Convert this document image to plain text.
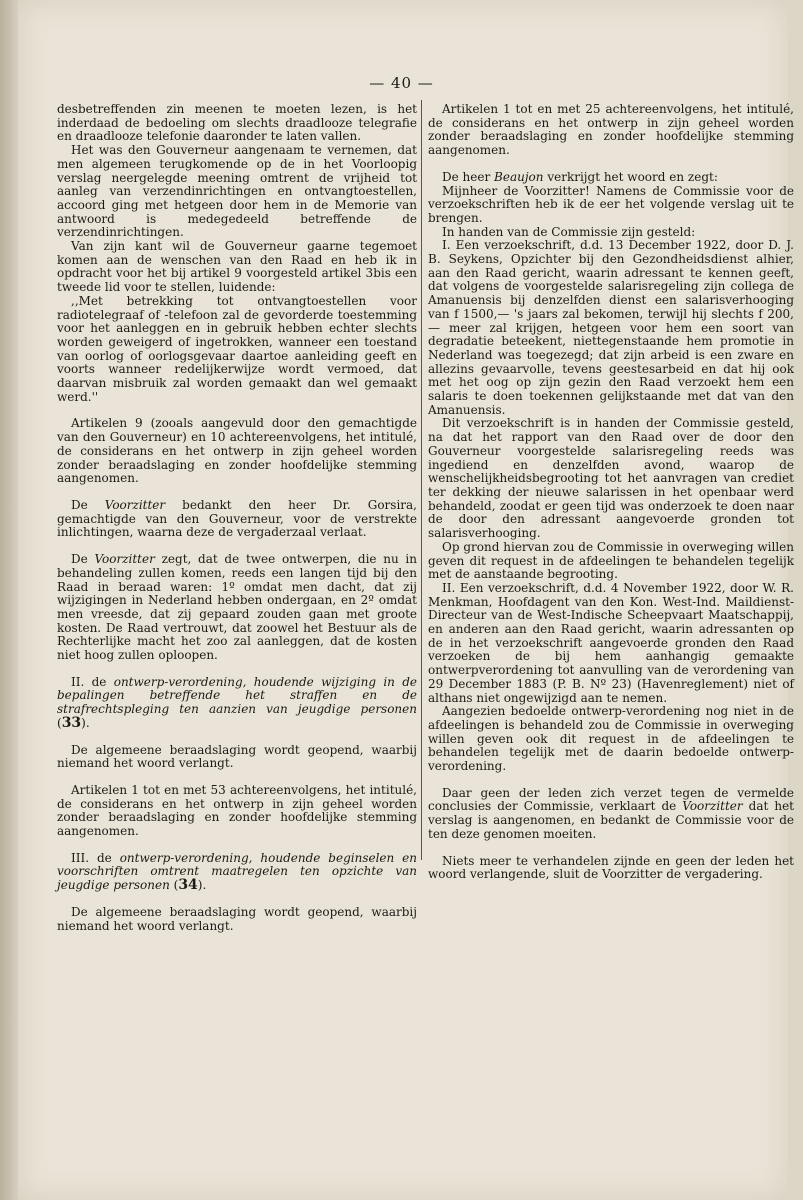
— 40 —

desbetreffenden zin meenen te moeten lezen, is het inderdaad de bedoeling om slechts draadlooze telegrafie en draadlooze telefonie daaronder te laten vallen.

Het was den Gouverneur aangenaam te vernemen, dat men algemeen terugkomende op de in het Voorloopig verslag neergelegde meening omtrent de vrijheid tot aanleg van verzendinrichtingen en ontvangtoestellen, accoord ging met hetgeen door hem in de Memorie van antwoord is medegedeeld betreffende de verzendinrichtingen.

Van zijn kant wil de Gouverneur gaarne tegemoet komen aan de wenschen van den Raad en heb ik in opdracht voor het bij artikel 9 voorgesteld artikel 3bis een tweede lid voor te stellen, luidende:

,,Met betrekking tot ontvangtoestellen voor radiotelegraaf of -telefoon zal de gevorderde toestemming voor het aanleggen en in gebruik hebben echter slechts worden geweigerd of ingetrokken, wanneer een toestand van oorlog of oorlogsgevaar daartoe aanleiding geeft en voorts wanneer redelijkerwijze wordt vermoed, dat daarvan misbruik zal worden gemaakt dan wel gemaakt werd.''

Artikelen 9 (zooals aangevuld door den gemachtigde van den Gouverneur) en 10 achtereenvolgens, het intitulé, de considerans en het ontwerp in zijn geheel worden zonder beraadslaging en zonder hoofdelijke stemming aangenomen.

De Voorzitter bedankt den heer Dr. Gorsira, gemachtigde van den Gouverneur, voor de verstrekte inlichtingen, waarna deze de vergaderzaal verlaat.

De Voorzitter zegt, dat de twee ontwerpen, die nu in behandeling zullen komen, reeds een langen tijd bij den Raad in beraad waren: 1º omdat men dacht, dat zij wijzigingen in Nederland hebben ondergaan, en 2º omdat men vreesde, dat zij gepaard zouden gaan met groote kosten. De Raad vertrouwt, dat zoowel het Bestuur als de Rechterlijke macht het zoo zal aanleggen, dat de kosten niet hoog zullen oploopen.

II. de ontwerp-verordening, houdende wijziging in de bepalingen betreffende het straffen en de strafrechtspleging ten aanzien van jeugdige personen (33).

De algemeene beraadslaging wordt geopend, waarbij niemand het woord verlangt.

Artikelen 1 tot en met 53 achtereenvolgens, het intitulé, de considerans en het ontwerp in zijn geheel worden zonder beraadslaging en zonder hoofdelijke stemming aangenomen.

III. de ontwerp-verordening, houdende beginselen en voorschriften omtrent maatregelen ten opzichte van jeugdige personen (34).

De algemeene beraadslaging wordt geopend, waarbij niemand het woord verlangt.

Artikelen 1 tot en met 25 achtereenvolgens, het intitulé, de considerans en het ontwerp in zijn geheel worden zonder beraadslaging en zonder hoofdelijke stemming aangenomen.

De heer Beaujon verkrijgt het woord en zegt:

Mijnheer de Voorzitter! Namens de Commissie voor de verzoekschriften heb ik de eer het volgende verslag uit te brengen.

In handen van de Commissie zijn gesteld:

I. Een verzoekschrift, d.d. 13 December 1922, door D. J. B. Seykens, Opzichter bij den Gezondheidsdienst alhier, aan den Raad gericht, waarin adressant te kennen geeft, dat volgens de voorgestelde salarisregeling zijn collega de Amanuensis bij denzelfden dienst een salarisverhooging van f 1500,— 's jaars zal bekomen, terwijl hij slechts f 200,— meer zal krijgen, hetgeen voor hem een soort van degradatie beteekent, niettegenstaande hem promotie in Nederland was toegezegd; dat zijn arbeid is een zware en allezins gevaarvolle, tevens geestesarbeid en dat hij ook met het oog op zijn gezin den Raad verzoekt hem een salaris te doen toekennen gelijkstaande met dat van den Amanuensis.

Dit verzoekschrift is in handen der Commissie gesteld, na dat het rapport van den Raad over de door den Gouverneur voorgestelde salarisregeling reeds was ingediend en denzelfden avond, waarop de wenschelijkheidsbegrooting tot het aanvragen van crediet ter dekking der nieuwe salarissen in het openbaar werd behandeld, zoodat er geen tijd was onderzoek te doen naar de door den adressant aangevoerde gronden tot salarisverhooging.

Op grond hiervan zou de Commissie in overweging willen geven dit request in de afdeelingen te behandelen tegelijk met de aanstaande begrooting.

II. Een verzoekschrift, d.d. 4 November 1922, door W. R. Menkman, Hoofdagent van den Kon. West-Ind. Maildienst-Directeur van de West-Indische Scheepvaart Maatschappij, en anderen aan den Raad gericht, waarin adressanten op de in het verzoekschrift aangevoerde gronden den Raad verzoeken de bij hem aanhangig gemaakte ontwerpverordening tot aanvulling van de verordening van 29 December 1883 (P. B. Nº 23) (Havenreglement) niet of althans niet ongewijzigd aan te nemen.

Aangezien bedoelde ontwerp-verordening nog niet in de afdeelingen is behandeld zou de Commissie in overweging willen geven ook dit request in de afdeelingen te behandelen tegelijk met de daarin bedoelde ontwerp-verordening.

Daar geen der leden zich verzet tegen de vermelde conclusies der Commissie, verklaart de Voorzitter dat het verslag is aangenomen, en bedankt de Commissie voor de ten deze genomen moeiten.

Niets meer te verhandelen zijnde en geen der leden het woord verlangende, sluit de Voorzitter de vergadering.
